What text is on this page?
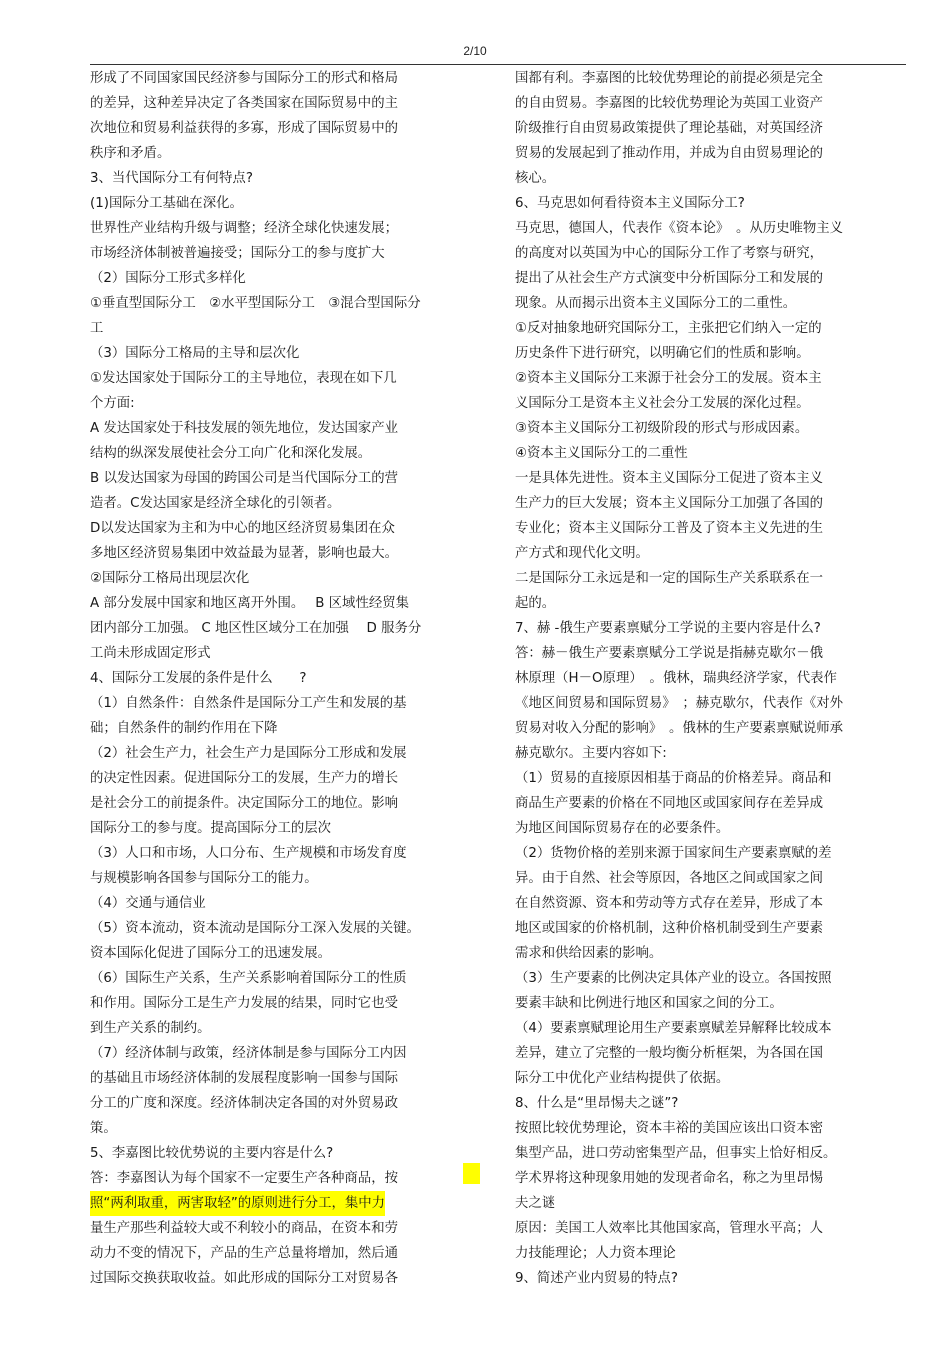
2/10
形成了不同国家国民经济参与国际分工的形式和格局
的差异，这种差异决定了各类国家在国际贸易中的主
次地位和贸易利益获得的多寡，形成了国际贸易中的
秩序和矛盾。
3、当代国际分工有何特点?
(1)国际分工基础在深化。
世界性产业结构升级与调整；经济全球化快速发展；
市场经济体制被普遍接受；国际分工的参与度扩大
（2）国际分工形式多样化
①垂直型国际分工　②水平型国际分工　③混合型国际分
工
（3）国际分工格局的主导和层次化
①发达国家处于国际分工的主导地位，表现在如下几
个方面:
A 发达国家处于科技发展的领先地位，发达国家产业
结构的纵深发展使社会分工向广化和深化发展。
B 以发达国家为母国的跨国公司是当代国际分工的营
造者。C发达国家是经济全球化的引领者。
D以发达国家为主和为中心的地区经济贸易集团在众
多地区经济贸易集团中效益最为显著，影响也最大。
②国际分工格局出现层次化
A 部分发展中国家和地区离开外围。　 B 区域性经贸集
团内部分工加强。 C 地区性区域分工在加强　 D 服务分
工尚未形成固定形式
4、国际分工发展的条件是什么　　?
（1）自然条件：自然条件是国际分工产生和发展的基
础；自然条件的制约作用在下降
（2）社会生产力，社会生产力是国际分工形成和发展
的决定性因素。促进国际分工的发展，生产力的增长
是社会分工的前提条件。决定国际分工的地位。影响
国际分工的参与度。提高国际分工的层次
（3）人口和市场，人口分布、生产规模和市场发育度
与规模影响各国参与国际分工的能力。
（4）交通与通信业
（5）资本流动，资本流动是国际分工深入发展的关键。
资本国际化促进了国际分工的迅速发展。
（6）国际生产关系，生产关系影响着国际分工的性质
和作用。国际分工是生产力发展的结果，同时它也受
到生产关系的制约。
（7）经济体制与政策，经济体制是参与国际分工内因
的基础且市场经济体制的发展程度影响一国参与国际
分工的广度和深度。经济体制决定各国的对外贸易政
策。
5、李嘉图比较优势说的主要内容是什么?
答：李嘉图认为每个国家不一定要生产各种商品，按
照“两利取重，两害取轻”的原则进行分工，集中力
量生产那些利益较大或不利较小的商品，在资本和劳
动力不变的情况下，产品的生产总量将增加，然后通
过国际交换获取收益。如此形成的国际分工对贸易各
国都有利。李嘉图的比较优势理论的前提必须是完全
的自由贸易。李嘉图的比较优势理论为英国工业资产
阶级推行自由贸易政策提供了理论基础，对英国经济
贸易的发展起到了推动作用，并成为自由贸易理论的
核心。
6、马克思如何看待资本主义国际分工?
马克思，德国人，代表作《资本论》　。从历史唯物主义
的高度对以英国为中心的国际分工作了考察与研究，
提出了从社会生产方式演变中分析国际分工和发展的
现象。从而揭示出资本主义国际分工的二重性。
①反对抽象地研究国际分工，主张把它们纳入一定的
历史条件下进行研究，以明确它们的性质和影响。
②资本主义国际分工来源于社会分工的发展。资本主
义国际分工是资本主义社会分工发展的深化过程。
③资本主义国际分工初级阶段的形式与形成因素。
④资本主义国际分工的二重性
一是具体先进性。资本主义国际分工促进了资本主义
生产力的巨大发展；资本主义国际分工加强了各国的
专业化；资本主义国际分工普及了资本主义先进的生
产方式和现代化文明。
二是国际分工永远是和一定的国际生产关系联系在一
起的。
7、赫 -俄生产要素禀赋分工学说的主要内容是什么?
答：赫－俄生产要素禀赋分工学说是指赫克歇尔－俄
林原理（H－O原理）　。俄林，瑞典经济学家，代表作
《地区间贸易和国际贸易》　；赫克歇尔，代表作《对外
贸易对收入分配的影响》　。俄林的生产要素禀赋说师承
赫克歇尔。主要内容如下:
（1）贸易的直接原因相基于商品的价格差异。商品和
商品生产要素的价格在不同地区或国家间存在差异成
为地区间国际贸易存在的必要条件。
（2）货物价格的差别来源于国家间生产要素禀赋的差
异。由于自然、社会等原因，各地区之间或国家之间
在自然资源、资本和劳动等方式存在差异，形成了本
地区或国家的价格机制，这种价格机制受到生产要素
需求和供给因素的影响。
（3）生产要素的比例决定具体产业的设立。各国按照
要素丰缺和比例进行地区和国家之间的分工。
（4）要素禀赋理论用生产要素禀赋差异解释比较成本
差异，建立了完整的一般均衡分析框架，为各国在国
际分工中优化产业结构提供了依据。
8、什么是“里昂惕夫之谜”?
按照比较优势理论，资本丰裕的美国应该出口资本密
集型产品，进口劳动密集型产品，但事实上恰好相反。
学术界将这种现象用她的发现者命名，称之为里昂惕
夫之谜
原因：美国工人效率比其他国家高，管理水平高；人
力技能理论；人力资本理论
9、简述产业内贸易的特点?
